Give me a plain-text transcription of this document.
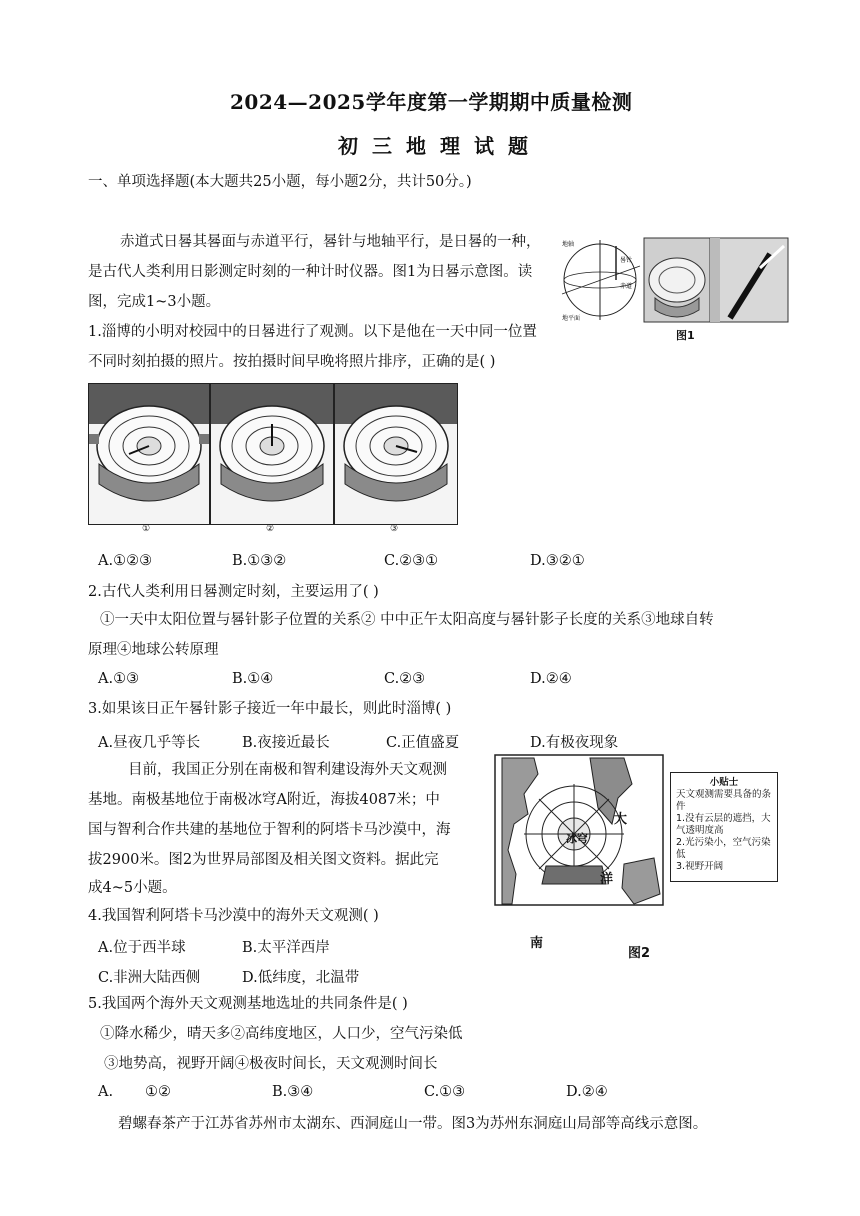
2024—2025学年度第一学期期中质量检测
初三地理试题
一、单项选择题(本大题共25小题，每小题2分，共计50分。)
赤道式日晷其晷面与赤道平行，晷针与地轴平行，是日晷的一种，
是古代人类利用日影测定时刻的一种计时仪器。图1为日晷示意图。读
图，完成1~3小题。
地轴
晷针
赤道
地平面
图1
1.淄博的小明对校园中的日晷进行了观测。以下是他在一天中同一位置
不同时刻拍摄的照片。按拍摄时间早晚将照片排序，正确的是( )
①	②	③
A.①②③	B.①③②	C.②③①	D.③②①
2.古代人类利用日晷测定时刻，主要运用了( )
①一天中太阳位置与晷针影子位置的关系② 中中正午太阳高度与晷针影子长度的关系③地球自转
原理④地球公转原理
A.①③	B.①④	C.②③	D.②④
3.如果该日正午晷针影子接近一年中最长，则此时淄博( )
A.昼夜几乎等长	B.夜接近最长	C.正值盛夏	D.有极夜现象
目前，我国正分别在南极和智利建设海外天文观测
基地。南极基地位于南极冰穹A附近，海拔4087米；中
国与智利合作共建的基地位于智利的阿塔卡马沙漠中，海
拔2900米。图2为世界局部图及相关图文资料。据此完
成4~5小题。
冰穹
阿塔卡马沙漠
大
洋
南
小贴士
天文观测需要具备的条件
1.没有云层的遮挡，大气透明度高
2.光污染小，空气污染低
3.视野开阔
图2
4.我国智利阿塔卡马沙漠中的海外天文观测( )
A.位于西半球	B.太平洋西岸
C.非洲大陆西侧	D.低纬度，北温带
5.我国两个海外天文观测基地选址的共同条件是( )
①降水稀少，晴天多②高纬度地区，人口少，空气污染低
③地势高，视野开阔④极夜时间长，天文观测时间长
A. ①②	B.③④	C.①③	D.②④
碧螺春茶产于江苏省苏州市太湖东、西洞庭山一带。图3为苏州东洞庭山局部等高线示意图。
